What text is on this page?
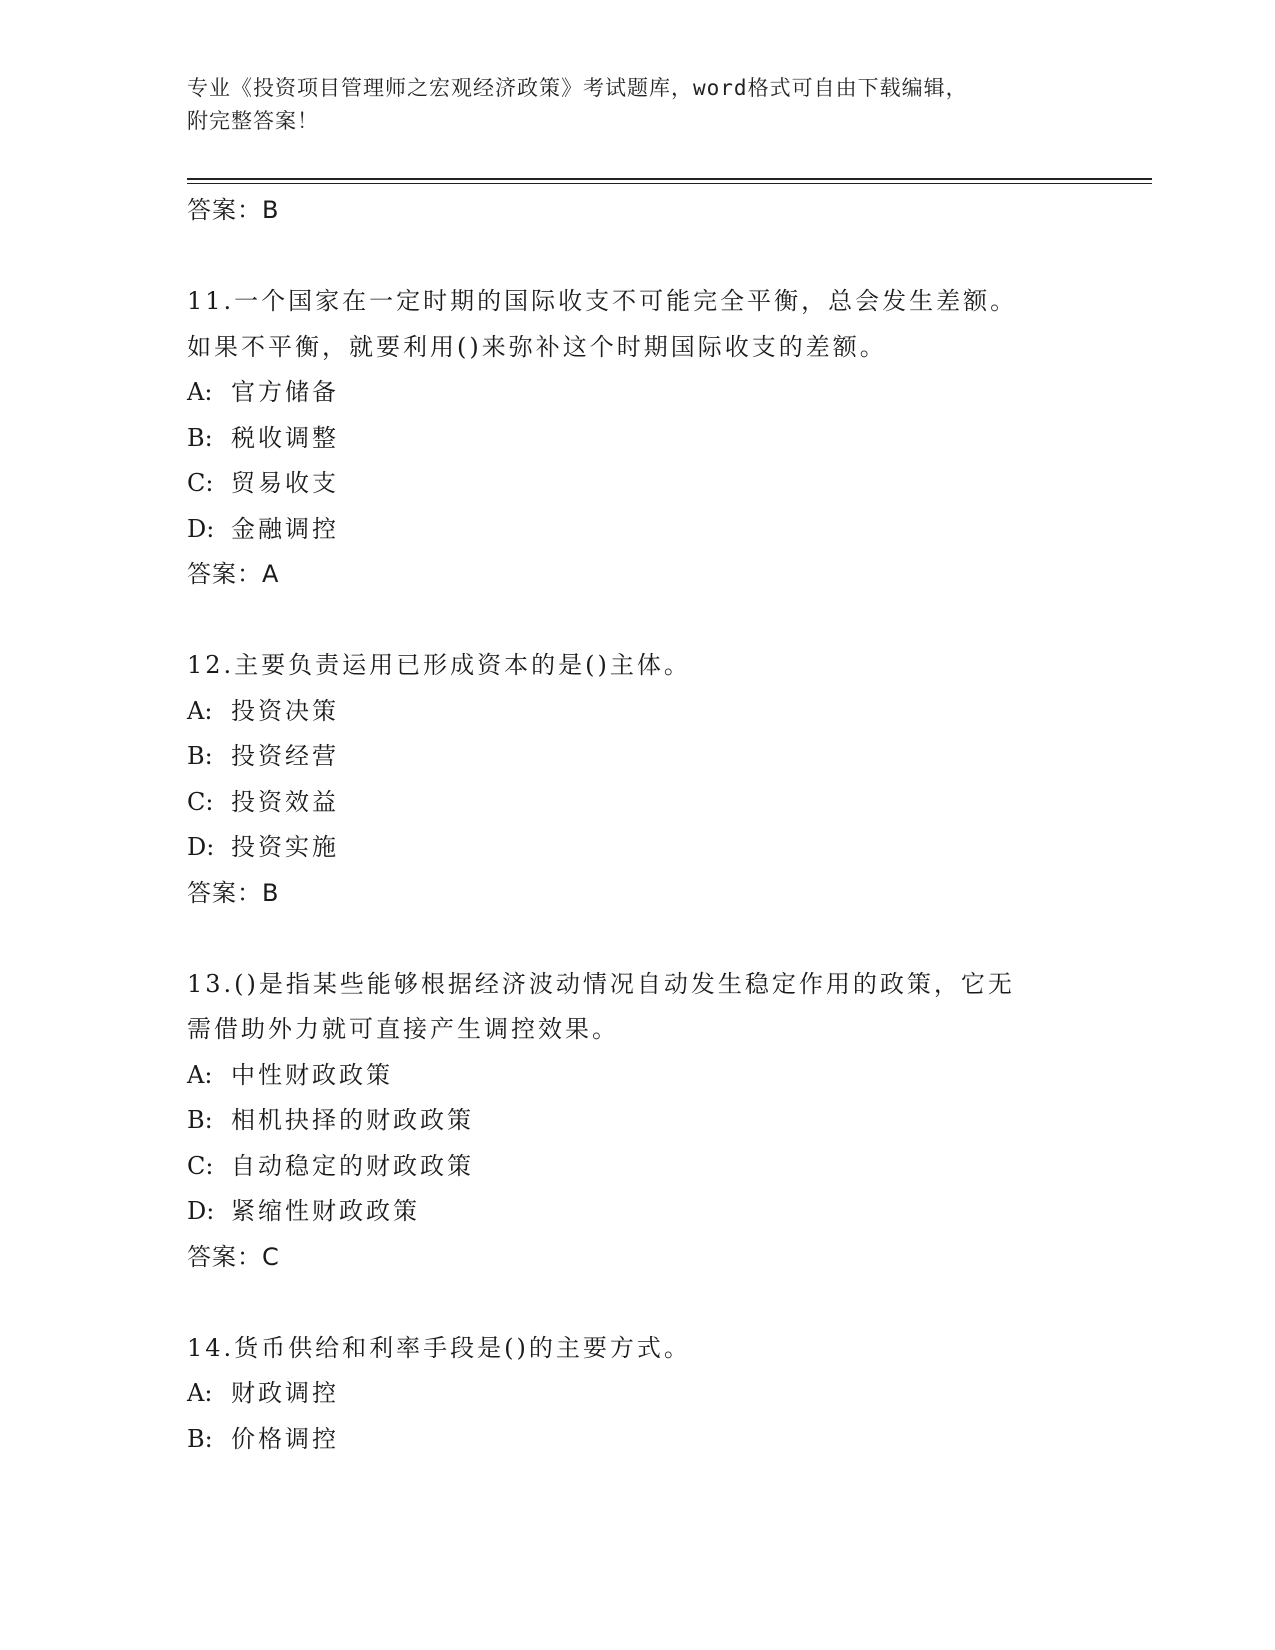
专业《投资项目管理师之宏观经济政策》考试题库，word格式可自由下载编辑，
附完整答案！
答案：B
11.一个国家在一定时期的国际收支不可能完全平衡，总会发生差额。
如果不平衡，就要利用()来弥补这个时期国际收支的差额。
A: 官方储备
B: 税收调整
C: 贸易收支
D: 金融调控
答案：A
12.主要负责运用已形成资本的是()主体。
A: 投资决策
B: 投资经营
C: 投资效益
D: 投资实施
答案：B
13.()是指某些能够根据经济波动情况自动发生稳定作用的政策，它无
需借助外力就可直接产生调控效果。
A: 中性财政政策
B: 相机抉择的财政政策
C: 自动稳定的财政政策
D: 紧缩性财政政策
答案：C
14.货币供给和利率手段是()的主要方式。
A: 财政调控
B: 价格调控
